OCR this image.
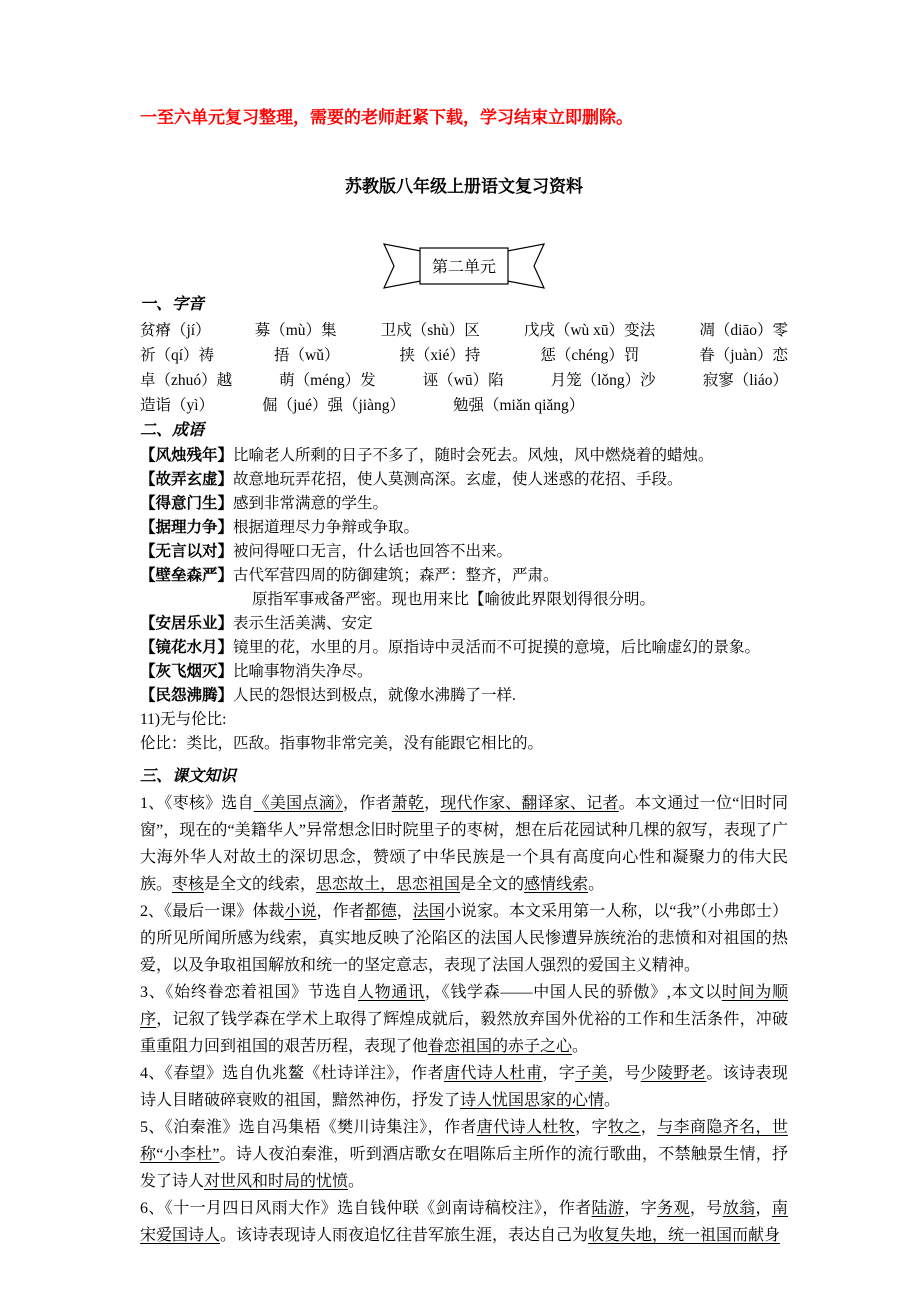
一至六单元复习整理，需要的老师赶紧下载，学习结束立即删除。

苏教版八年级上册语文复习资料
第二单元
一、字音
贫瘠（jí）	募（mù）集	卫戍（shù）区	戊戌（wù xū）变法	凋（diāo）零
祈（qí）祷	捂（wǔ）	挟（xié）持	惩（chéng）罚	眷（juàn）恋
卓（zhuó）越	萌（méng）发	诬（wū）陷	月笼（lǒng）沙	寂寥（liáo）
造诣（yì）	倔（jué）强（jiàng）	勉强（miǎn qiǎng）
二、成语
【风烛残年】比喻老人所剩的日子不多了，随时会死去。风烛，风中燃烧着的蜡烛。
【故弄玄虚】故意地玩弄花招，使人莫测高深。玄虚，使人迷惑的花招、手段。
【得意门生】感到非常满意的学生。
【据理力争】根据道理尽力争辩或争取。
【无言以对】被问得哑口无言，什么话也回答不出来。
【壁垒森严】古代军营四周的防御建筑；森严：整齐，严肃。
原指军事戒备严密。现也用来比【喻彼此界限划得很分明。
【安居乐业】表示生活美满、安定
【镜花水月】镜里的花，水里的月。原指诗中灵活而不可捉摸的意境，后比喻虚幻的景象。
【灰飞烟灭】比喻事物消失净尽。
【民怨沸腾】人民的怨恨达到极点，就像水沸腾了一样.
11)无与伦比:
伦比：类比，匹敌。指事物非常完美，没有能跟它相比的。
三、课文知识

1、《枣核》选自《美国点滴》，作者萧乾，现代作家、翻译家、记者。本文通过一位“旧时同窗”，现在的“美籍华人”异常想念旧时院里子的枣树，想在后花园试种几棵的叙写，表现了广大海外华人对故土的深切思念，赞颂了中华民族是一个具有高度向心性和凝聚力的伟大民族。枣核是全文的线索，思恋故土，思恋祖国是全文的感情线索。

2、《最后一课》体裁小说，作者都德，法国小说家。本文采用第一人称，以“我”（小弗郎士）的所见所闻所感为线索，真实地反映了沦陷区的法国人民惨遭异族统治的悲愤和对祖国的热爱，以及争取祖国解放和统一的坚定意志，表现了法国人强烈的爱国主义精神。

3、《始终眷恋着祖国》节选自人物通讯，《钱学森――中国人民的骄傲》,本文以时间为顺序，记叙了钱学森在学术上取得了辉煌成就后，毅然放弃国外优裕的工作和生活条件，冲破重重阻力回到祖国的艰苦历程，表现了他眷恋祖国的赤子之心。

4、《春望》选自仇兆鳌《杜诗详注》，作者唐代诗人杜甫，字子美，号少陵野老。该诗表现诗人目睹破碎衰败的祖国，黯然神伤，抒发了诗人忧国思家的心情。

5、《泊秦淮》选自冯集梧《樊川诗集注》，作者唐代诗人杜牧，字牧之，与李商隐齐名，世称“小李杜”。诗人夜泊秦淮，听到酒店歌女在唱陈后主所作的流行歌曲，不禁触景生情，抒发了诗人对世风和时局的忧愤。

6、《十一月四日风雨大作》选自钱仲联《剑南诗稿校注》，作者陆游，字务观，号放翁，南宋爱国诗人。该诗表现诗人雨夜追忆往昔军旅生涯，表达自己为收复失地，统一祖国而献身
